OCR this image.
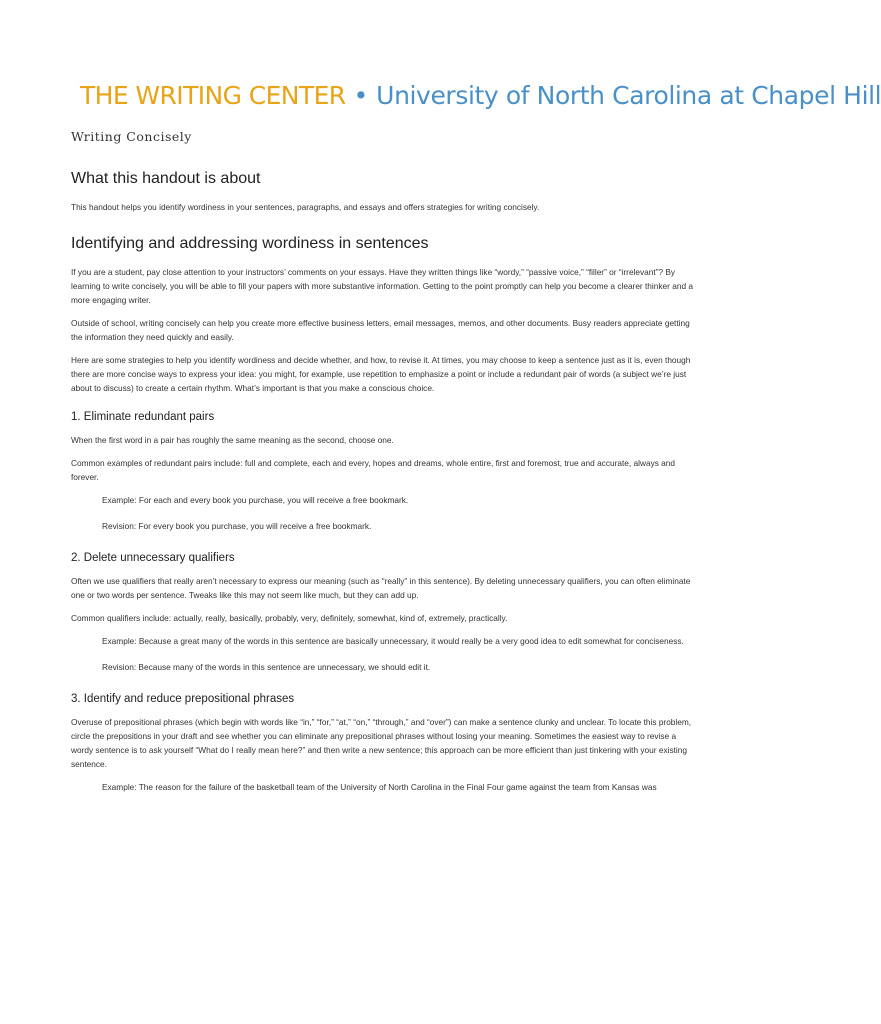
THE WRITING CENTER • University of North Carolina at Chapel Hill
Writing Concisely
What this handout is about

This handout helps you identify wordiness in your sentences, paragraphs, and essays and offers strategies for writing concisely.

Identifying and addressing wordiness in sentences

If you are a student, pay close attention to your instructors’ comments on your essays. Have they written things like “wordy,” “passive voice,” “filler” or “irrelevant”? By learning to write concisely, you will be able to fill your papers with more substantive information. Getting to the point promptly can help you become a clearer thinker and a more engaging writer.

Outside of school, writing concisely can help you create more effective business letters, email messages, memos, and other documents. Busy readers appreciate getting the information they need quickly and easily.

Here are some strategies to help you identify wordiness and decide whether, and how, to revise it. At times, you may choose to keep a sentence just as it is, even though there are more concise ways to express your idea: you might, for example, use repetition to emphasize a point or include a redundant pair of words (a subject we’re just about to discuss) to create a certain rhythm. What’s important is that you make a conscious choice.

1. Eliminate redundant pairs

When the first word in a pair has roughly the same meaning as the second, choose one.

Common examples of redundant pairs include: full and complete, each and every, hopes and dreams, whole entire, first and foremost, true and accurate, always and forever.

Example: For each and every book you purchase, you will receive a free bookmark.

Revision: For every book you purchase, you will receive a free bookmark.

2. Delete unnecessary qualifiers

Often we use qualifiers that really aren’t necessary to express our meaning (such as “really” in this sentence). By deleting unnecessary qualifiers, you can often eliminate one or two words per sentence. Tweaks like this may not seem like much, but they can add up.

Common qualifiers include: actually, really, basically, probably, very, definitely, somewhat, kind of, extremely, practically.

Example: Because a great many of the words in this sentence are basically unnecessary, it would really be a very good idea to edit somewhat for conciseness.

Revision: Because many of the words in this sentence are unnecessary, we should edit it.

3. Identify and reduce prepositional phrases

Overuse of prepositional phrases (which begin with words like “in,” “for,” “at,” “on,” “through,” and “over”) can make a sentence clunky and unclear. To locate this problem, circle the prepositions in your draft and see whether you can eliminate any prepositional phrases without losing your meaning. Sometimes the easiest way to revise a wordy sentence is to ask yourself “What do I really mean here?” and then write a new sentence; this approach can be more efficient than just tinkering with your existing sentence.

Example: The reason for the failure of the basketball team of the University of North Carolina in the Final Four game against the team from Kansas was
